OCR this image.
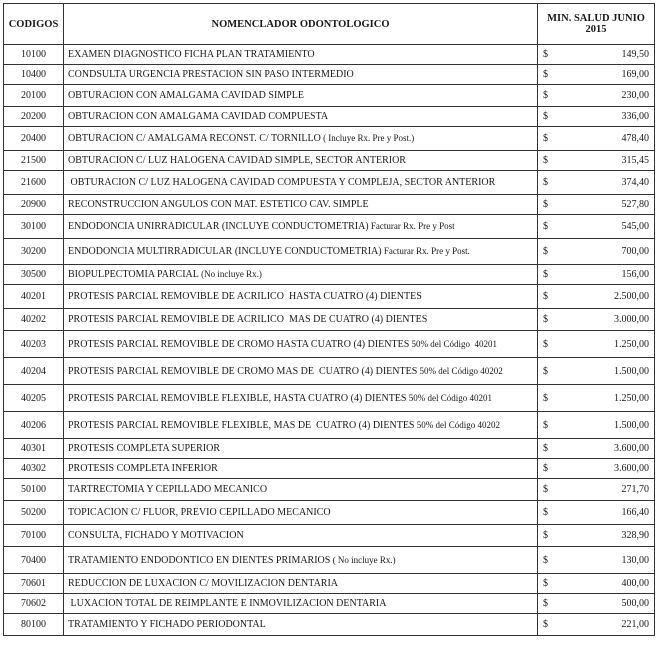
CODIGOS	NOMENCLADOR ODONTOLOGICO	MIN. SALUD JUNIO
2015
10100	EXAMEN DIAGNOSTICO FICHA PLAN TRATAMIENTO	$ 149,50

10400	CONDSULTA URGENCIA PRESTACION SIN PASO INTERMEDIO	$ 169,00

20100	OBTURACION CON AMALGAMA CAVIDAD SIMPLE	$ 230,00

20200	OBTURACION CON AMALGAMA CAVIDAD COMPUESTA	$ 336,00

20400	OBTURACION C/ AMALGAMA RECONST. C/ TORNILLO ( Incluye Rx. Pre y Post.)	$ 478,40

21500	OBTURACION C/ LUZ HALOGENA CAVIDAD SIMPLE, SECTOR ANTERIOR	$ 315,45

21600	OBTURACION C/ LUZ HALOGENA CAVIDAD COMPUESTA Y COMPLEJA, SECTOR ANTERIOR	$ 374,40

20900	RECONSTRUCCION ANGULOS CON MAT. ESTETICO CAV. SIMPLE	$ 527,80

30100	ENDODONCIA UNIRRADICULAR (INCLUYE CONDUCTOMETRIA) Facturar Rx. Pre y Post	$ 545,00

30200	ENDODONCIA MULTIRRADICULAR (INCLUYE CONDUCTOMETRIA) Facturar Rx. Pre y Post.	$ 700,00

30500	BIOPULPECTOMIA PARCIAL (No incluye Rx.)	$ 156,00

40201	PROTESIS PARCIAL REMOVIBLE DE ACRILICO  HASTA CUATRO (4) DIENTES	$ 2.500,00

40202	PROTESIS PARCIAL REMOVIBLE DE ACRILICO  MAS DE CUATRO (4) DIENTES	$ 3.000,00

40203	PROTESIS PARCIAL REMOVIBLE DE CROMO HASTA CUATRO (4) DIENTES 50% del Código  40201	$ 1.250,00

40204	PROTESIS PARCIAL REMOVIBLE DE CROMO MAS DE  CUATRO (4) DIENTES 50% del Código 40202	$ 1.500,00

40205	PROTESIS PARCIAL REMOVIBLE FLEXIBLE, HASTA CUATRO (4) DIENTES 50% del Código 40201	$ 1.250,00

40206	PROTESIS PARCIAL REMOVIBLE FLEXIBLE, MAS DE  CUATRO (4) DIENTES 50% del Código 40202	$ 1.500,00

40301	PROTESIS COMPLETA SUPERIOR	$ 3.600,00

40302	PROTESIS COMPLETA INFERIOR	$ 3.600,00

50100	TARTRECTOMIA Y CEPILLADO MECANICO	$ 271,70

50200	TOPICACION C/ FLUOR, PREVIO CEPILLADO MECANICO	$ 166,40

70100	CONSULTA, FICHADO Y MOTIVACION	$ 328,90

70400	TRATAMIENTO ENDODONTICO EN DIENTES PRIMARIOS ( No incluye Rx.)	$ 130,00

70601	REDUCCION DE LUXACION C/ MOVILIZACION DENTARIA	$ 400,00

70602	LUXACION TOTAL DE REIMPLANTE E INMOVILIZACION DENTARIA	$ 500,00

80100	TRATAMIENTO Y FICHADO PERIODONTAL	$ 221,00
